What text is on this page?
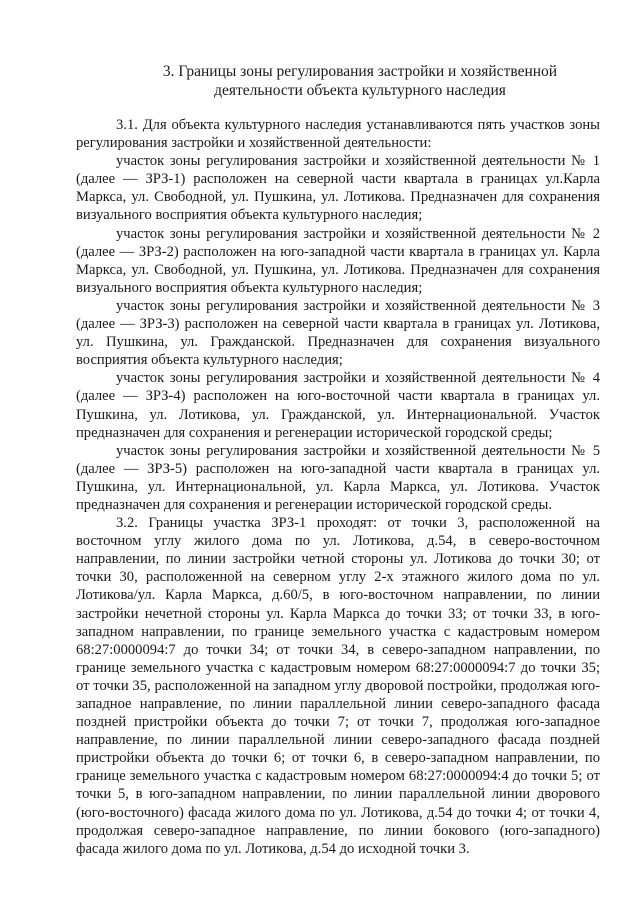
3. Границы зоны регулирования застройки и хозяйственной
деятельности объекта культурного наследия

3.1. Для объекта культурного наследия устанавливаются пять участков зоны регулирования застройки и хозяйственной деятельности:

участок зоны регулирования застройки и хозяйственной деятельности № 1 (далее — ЗРЗ-1) расположен на северной части квартала в границах ул.Карла Маркса, ул. Свободной, ул. Пушкина, ул. Лотикова. Предназначен для сохранения визуального восприятия объекта культурного наследия;

участок зоны регулирования застройки и хозяйственной деятельности № 2 (далее — ЗРЗ-2) расположен на юго-западной части квартала в границах ул. Карла Маркса, ул. Свободной, ул. Пушкина, ул. Лотикова. Предназначен для сохранения визуального восприятия объекта культурного наследия;

участок зоны регулирования застройки и хозяйственной деятельности № 3 (далее — ЗРЗ-3) расположен на северной части квартала в границах ул. Лотикова, ул. Пушкина, ул. Гражданской. Предназначен для сохранения визуального восприятия объекта культурного наследия;

участок зоны регулирования застройки и хозяйственной деятельности № 4 (далее — ЗРЗ-4) расположен на юго-восточной части квартала в границах ул. Пушкина, ул. Лотикова, ул. Гражданской, ул. Интернациональной. Участок предназначен для сохранения и регенерации исторической городской среды;

участок зоны регулирования застройки и хозяйственной деятельности № 5 (далее — ЗРЗ-5) расположен на юго-западной части квартала в границах ул. Пушкина, ул. Интернациональной, ул. Карла Маркса, ул. Лотикова. Участок предназначен для сохранения и регенерации исторической городской среды.

3.2. Границы участка ЗРЗ-1 проходят: от точки 3, расположенной на восточном углу жилого дома по ул. Лотикова, д.54, в северо-восточном направлении, по линии застройки четной стороны ул. Лотикова до точки 30; от точки 30, расположенной на северном углу 2-х этажного жилого дома по ул. Лотикова/ул. Карла Маркса, д.60/5, в юго-восточном направлении, по линии застройки нечетной стороны ул. Карла Маркса до точки 33; от точки 33, в юго-западном направлении, по границе земельного участка с кадастровым номером 68:27:0000094:7 до точки 34; от точки 34, в северо-западном направлении, по границе земельного участка с кадастровым номером 68:27:0000094:7 до точки 35; от точки 35, расположенной на западном углу дворовой постройки, продолжая юго-западное направление, по линии параллельной линии северо-западного фасада поздней пристройки объекта до точки 7; от точки 7, продолжая юго-западное направление, по линии параллельной линии северо-западного фасада поздней пристройки объекта до точки 6; от точки 6, в северо-западном направлении, по границе земельного участка с кадастровым номером 68:27:0000094:4 до точки 5; от точки 5, в юго-западном направлении, по линии параллельной линии дворового (юго-восточного) фасада жилого дома по ул. Лотикова, д.54 до точки 4; от точки 4, продолжая северо-западное направление, по линии бокового (юго-западного) фасада жилого дома по ул. Лотикова, д.54 до исходной точки 3.
